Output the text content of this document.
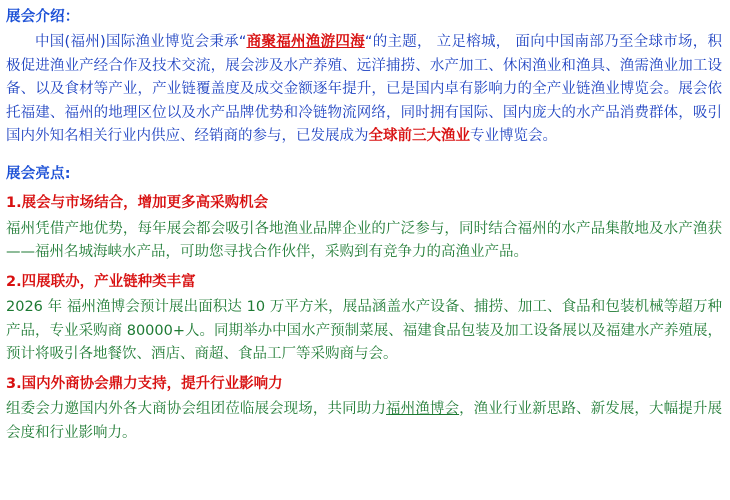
展会介绍：
中国(福州)国际渔业博览会秉承“商聚福州渔游四海“的主题， 立足榕城， 面向中国南部乃至全球市场，积极促进渔业产经合作及技术交流，展会涉及水产养殖、远洋捕捞、水产加工、休闲渔业和渔具、渔需渔业加工设备、以及食材等产业，产业链覆盖度及成交金额逐年提升，已是国内卓有影响力的全产业链渔业博览会。展会依托福建、福州的地理区位以及水产品牌优势和冷链物流网络，同时拥有国际、国内庞大的水产品消费群体，吸引国内外知名相关行业内供应、经销商的参与，已发展成为全球前三大渔业专业博览会。
展会亮点:
1.展会与市场结合，增加更多高采购机会
福州凭借产地优势，每年展会都会吸引各地渔业品牌企业的广泛参与，同时结合福州的水产品集散地及水产渔获——福州名城海峡水产品，可助您寻找合作伙伴，采购到有竞争力的高渔业产品。
2.四展联办，产业链种类丰富
2026 年 福州渔博会预计展出面积达 10 万平方米，展品涵盖水产设备、捕捞、加工、食品和包装机械等超万种产品，专业采购商 80000+人。同期举办中国水产预制菜展、福建食品包装及加工设备展以及福建水产养殖展，预计将吸引各地餐饮、酒店、商超、食品工厂等采购商与会。
3.国内外商协会鼎力支持，提升行业影响力
组委会力邀国内外各大商协会组团莅临展会现场，共同助力福州渔博会，渔业行业新思路、新发展，大幅提升展会度和行业影响力。
